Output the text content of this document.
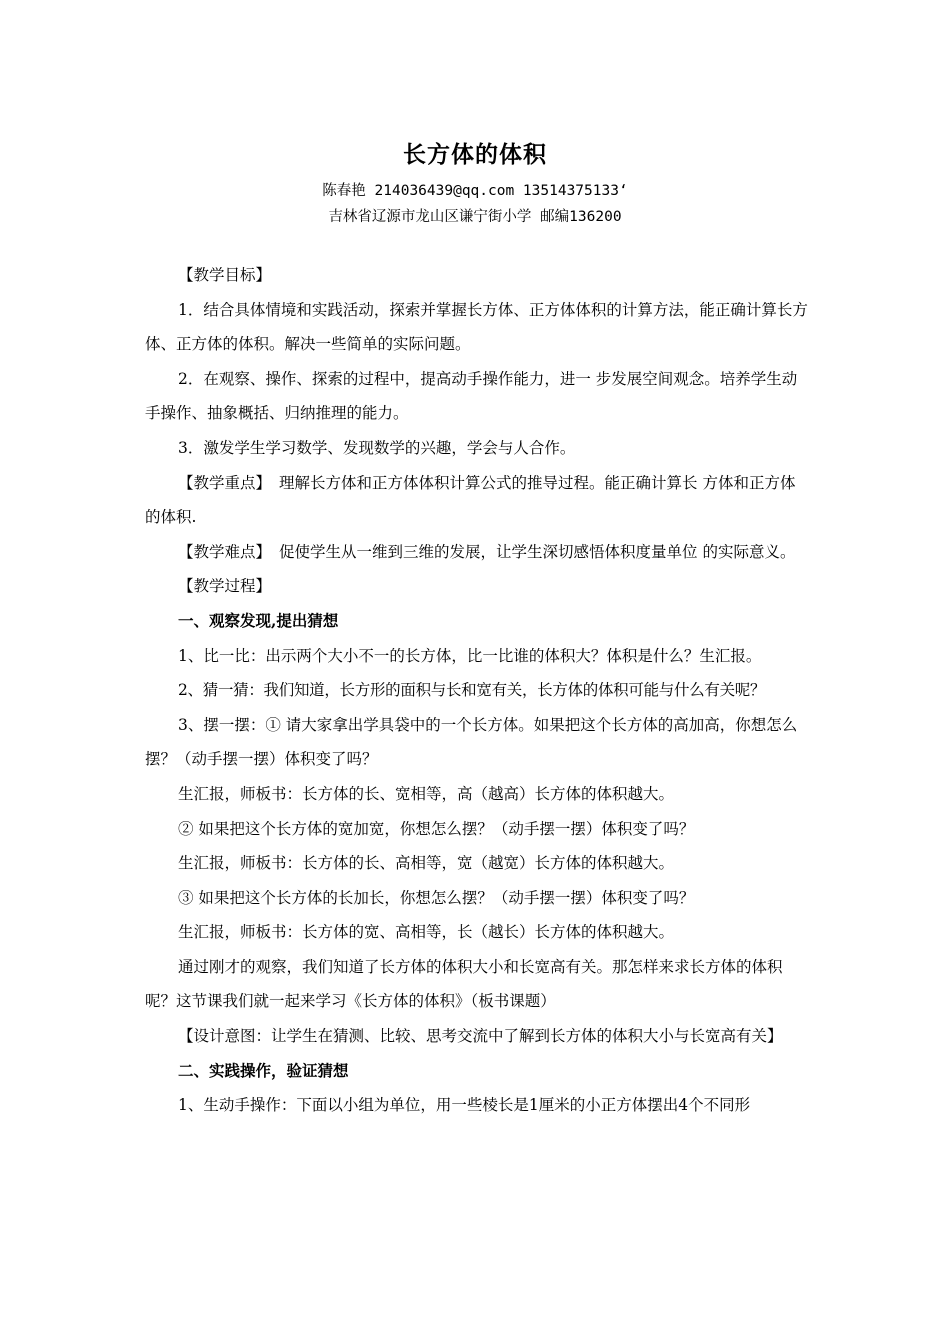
长方体的体积
陈春艳 214036439@qq.com 13514375133‘
吉林省辽源市龙山区谦宁街小学 邮编136200

【教学目标】

1．结合具体情境和实践活动，探索并掌握长方体、正方体体积的计算方法，能正确计算长方体、正方体的体积。解决一些简单的实际问题。

2．在观察、操作、探索的过程中，提高动手操作能力，进一 步发展空间观念。培养学生动手操作、抽象概括、归纳推理的能力。

3．激发学生学习数学、发现数学的兴趣，学会与人合作。

【教学重点】 理解长方体和正方体体积计算公式的推导过程。能正确计算长 方体和正方体的体积.

【教学难点】 促使学生从一维到三维的发展，让学生深切感悟体积度量单位 的实际意义。

【教学过程】

一、观察发现,提出猜想

1、比一比：出示两个大小不一的长方体，比一比谁的体积大？体积是什么？生汇报。

2、猜一猜：我们知道，长方形的面积与长和宽有关，长方体的体积可能与什么有关呢？

3、摆一摆：① 请大家拿出学具袋中的一个长方体。如果把这个长方体的高加高，你想怎么摆？（动手摆一摆）体积变了吗？

生汇报，师板书：长方体的长、宽相等，高（越高）长方体的体积越大。

② 如果把这个长方体的宽加宽，你想怎么摆？（动手摆一摆）体积变了吗？

生汇报，师板书：长方体的长、高相等，宽（越宽）长方体的体积越大。

③ 如果把这个长方体的长加长，你想怎么摆？（动手摆一摆）体积变了吗？

生汇报，师板书：长方体的宽、高相等，长（越长）长方体的体积越大。

通过刚才的观察，我们知道了长方体的体积大小和长宽高有关。那怎样来求长方体的体积呢？这节课我们就一起来学习《长方体的体积》（板书课题）

【设计意图：让学生在猜测、比较、思考交流中了解到长方体的体积大小与长宽高有关】

二、实践操作，验证猜想

1、生动手操作：下面以小组为单位，用一些棱长是1厘米的小正方体摆出4个不同形
